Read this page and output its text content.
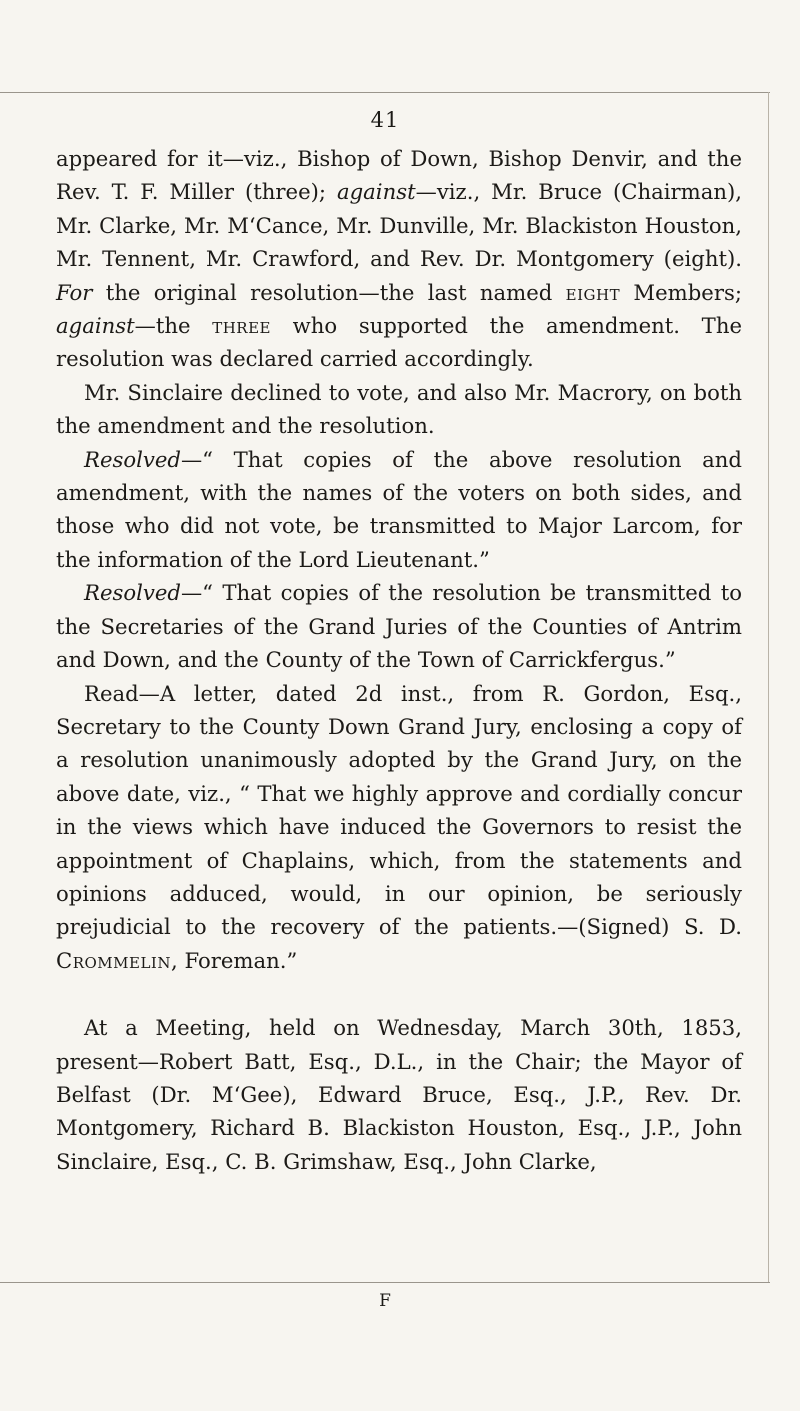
41

appeared for it—viz., Bishop of Down, Bishop Denvir, and the Rev. T. F. Miller (three); against—viz., Mr. Bruce (Chairman), Mr. Clarke, Mr. M‘Cance, Mr. Dunville, Mr. Blackiston Houston, Mr. Tennent, Mr. Crawford, and Rev. Dr. Montgomery (eight). For the original resolution—the last named eight Members; against—the three who supported the amendment. The resolution was declared carried accordingly.

Mr. Sinclaire declined to vote, and also Mr. Macrory, on both the amendment and the resolution.

Resolved—“ That copies of the above resolution and amendment, with the names of the voters on both sides, and those who did not vote, be transmitted to Major Larcom, for the information of the Lord Lieutenant.”

Resolved—“ That copies of the resolution be transmitted to the Secretaries of the Grand Juries of the Counties of Antrim and Down, and the County of the Town of Carrickfergus.”

Read—A letter, dated 2d inst., from R. Gordon, Esq., Secretary to the County Down Grand Jury, enclosing a copy of a resolution unanimously adopted by the Grand Jury, on the above date, viz., “ That we highly approve and cordially concur in the views which have induced the Governors to resist the appointment of Chaplains, which, from the statements and opinions adduced, would, in our opinion, be seriously prejudicial to the recovery of the patients.—(Signed) S. D. Crommelin, Foreman.”

At a Meeting, held on Wednesday, March 30th, 1853, present—Robert Batt, Esq., D.L., in the Chair; the Mayor of Belfast (Dr. M‘Gee), Edward Bruce, Esq., J.P., Rev. Dr. Montgomery, Richard B. Blackiston Houston, Esq., J.P., John Sinclaire, Esq., C. B. Grimshaw, Esq., John Clarke,

F
